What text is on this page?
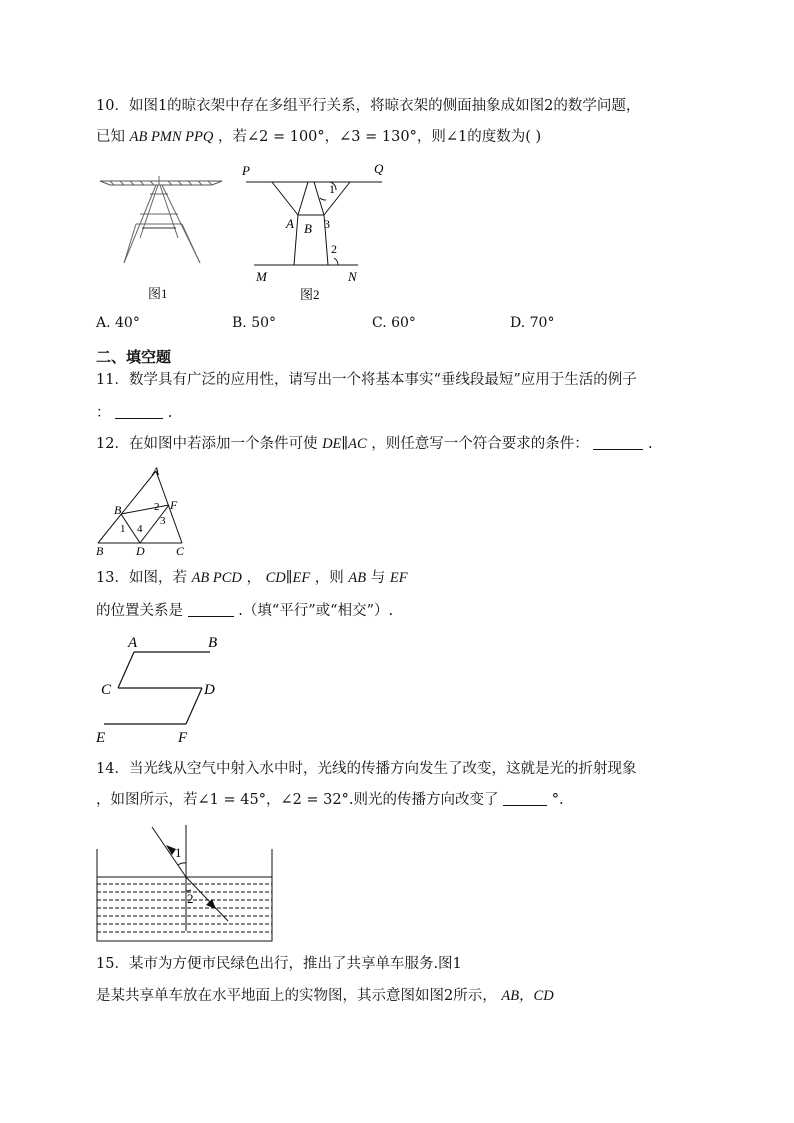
10．如图1的晾衣架中存在多组平行关系，将晾衣架的侧面抽象成如图2的数学问题，
已知 AB PMN PPQ ，若∠2 = 100°，∠3 = 130°，则∠1的度数为( )
图1
P	Q
1
A B 3
2
M	N
图2
A. 40°	B. 50°	C. 60°	D. 70°
二、填空题
11．数学具有广泛的应用性，请写出一个将基本事实“垂线段最短”应用于生活的例子
：	.
12．在如图中若添加一个条件可使 DE∥AC ，则任意写一个符合要求的条件：	.
A
B	F
2
3
1 4
B	D	C
13．如图，若 AB PCD ， CD∥EF ，则 AB 与 EF
的位置关系是	.（填“平行”或“相交”）.
A	B
C	D
E	F
14．当光线从空气中射入水中时，光线的传播方向发生了改变，这就是光的折射现象
，如图所示，若∠1 = 45°，∠2 = 32°.则光的传播方向改变了	°.
1
2
15．某市为方便市民绿色出行，推出了共享单车服务.图1
是某共享单车放在水平地面上的实物图，其示意图如图2所示， AB，CD
